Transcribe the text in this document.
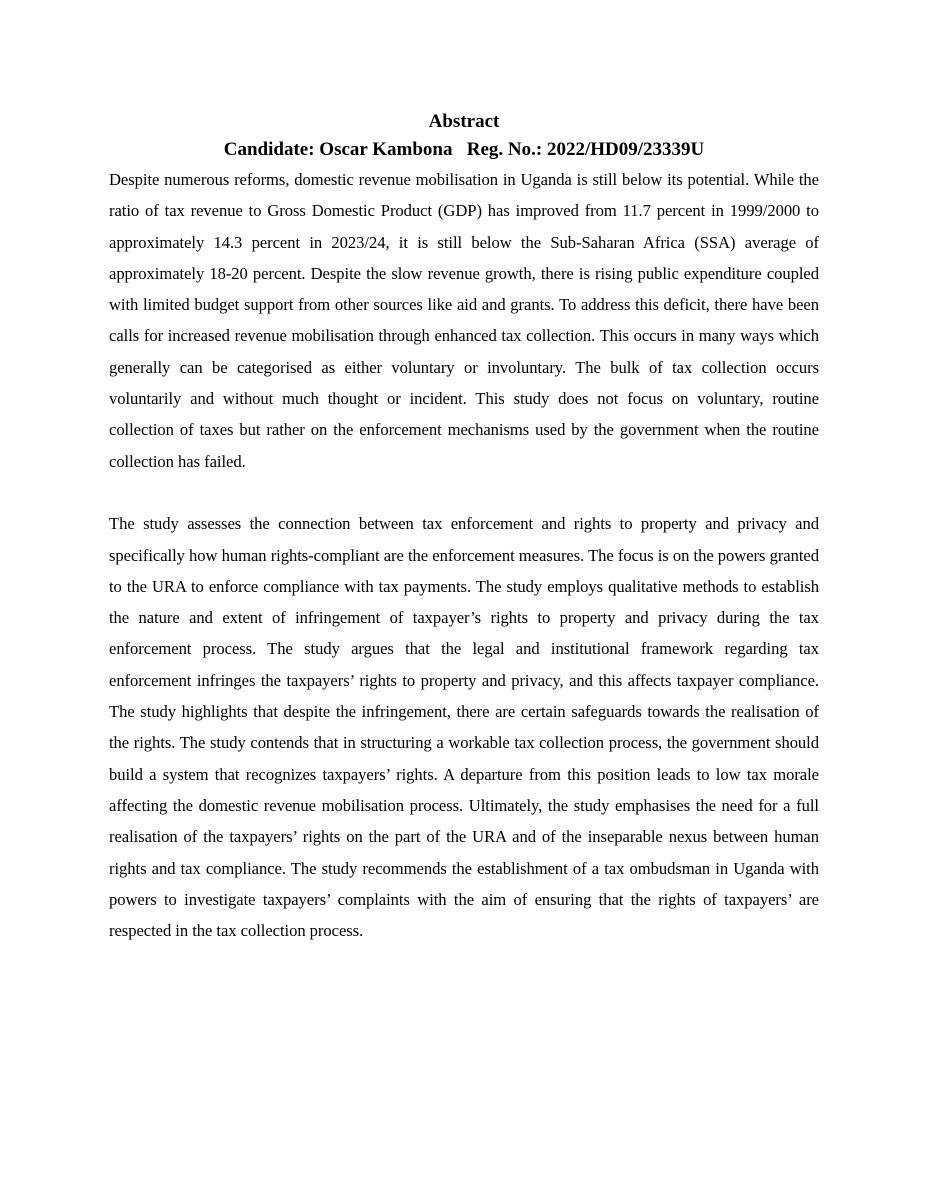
Abstract
Candidate: Oscar Kambona   Reg. No.: 2022/HD09/23339U

Despite numerous reforms, domestic revenue mobilisation in Uganda is still below its potential. While the ratio of tax revenue to Gross Domestic Product (GDP) has improved from 11.7 percent in 1999/2000 to approximately 14.3 percent in 2023/24, it is still below the Sub-Saharan Africa (SSA) average of approximately 18-20 percent. Despite the slow revenue growth, there is rising public expenditure coupled with limited budget support from other sources like aid and grants. To address this deficit, there have been calls for increased revenue mobilisation through enhanced tax collection. This occurs in many ways which generally can be categorised as either voluntary or involuntary. The bulk of tax collection occurs voluntarily and without much thought or incident. This study does not focus on voluntary, routine collection of taxes but rather on the enforcement mechanisms used by the government when the routine collection has failed.

The study assesses the connection between tax enforcement and rights to property and privacy and specifically how human rights-compliant are the enforcement measures. The focus is on the powers granted to the URA to enforce compliance with tax payments. The study employs qualitative methods to establish the nature and extent of infringement of taxpayer’s rights to property and privacy during the tax enforcement process. The study argues that the legal and institutional framework regarding tax enforcement infringes the taxpayers’ rights to property and privacy, and this affects taxpayer compliance. The study highlights that despite the infringement, there are certain safeguards towards the realisation of the rights. The study contends that in structuring a workable tax collection process, the government should build a system that recognizes taxpayers’ rights. A departure from this position leads to low tax morale affecting the domestic revenue mobilisation process. Ultimately, the study emphasises the need for a full realisation of the taxpayers’ rights on the part of the URA and of the inseparable nexus between human rights and tax compliance. The study recommends the establishment of a tax ombudsman in Uganda with powers to investigate taxpayers’ complaints with the aim of ensuring that the rights of taxpayers’ are respected in the tax collection process.
